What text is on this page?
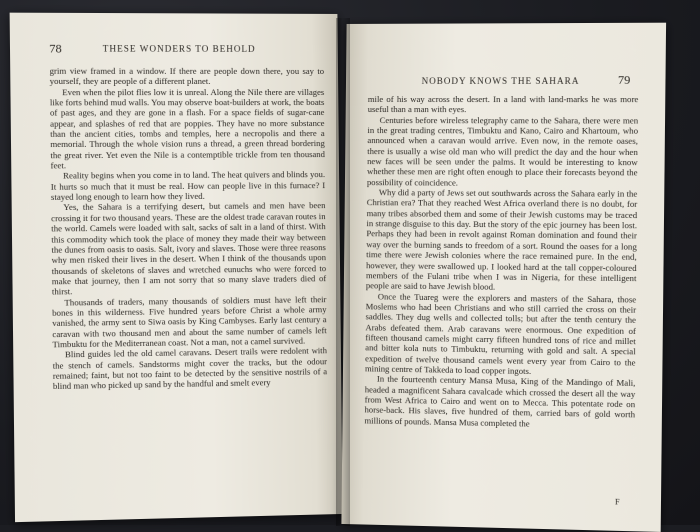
78	THESE WONDERS TO BEHOLD

grim view framed in a window. If there are people down there, you say to yourself, they are people of a different planet.

Even when the pilot flies low it is unreal. Along the Nile there are villages like forts behind mud walls. You may observe boat-builders at work, the boats of past ages, and they are gone in a flash. For a space fields of sugar-cane appear, and splashes of red that are poppies. They have no more substance than the ancient cities, tombs and temples, here a necropolis and there a memorial. Through the whole vision runs a thread, a green thread bordering the great river. Yet even the Nile is a contemptible trickle from ten thousand feet.

Reality begins when you come in to land. The heat quivers and blinds you. It hurts so much that it must be real. How can people live in this furnace? I stayed long enough to learn how they lived.

Yes, the Sahara is a terrifying desert, but camels and men have been crossing it for two thousand years. These are the oldest trade caravan routes in the world. Camels were loaded with salt, sacks of salt in a land of thirst. With this commodity which took the place of money they made their way between the dunes from oasis to oasis. Salt, ivory and slaves. Those were three reasons why men risked their lives in the desert. When I think of the thousands upon thousands of skeletons of slaves and wretched eunuchs who were forced to make that journey, then I am not sorry that so many slave traders died of thirst.

Thousands of traders, many thousands of soldiers must have left their bones in this wilderness. Five hundred years before Christ a whole army vanished, the army sent to Siwa oasis by King Cambyses. Early last century a caravan with two thousand men and about the same number of camels left Timbuktu for the Mediterranean coast. Not a man, not a camel survived.

Blind guides led the old camel caravans. Desert trails were redolent with the stench of camels. Sandstorms might cover the tracks, but the odour remained; faint, but not too faint to be detected by the sensitive nostrils of a blind man who picked up sand by the handful and smelt every

NOBODY KNOWS THE SAHARA	79

mile of his way across the desert. In a land with land-marks he was more useful than a man with eyes.

Centuries before wireless telegraphy came to the Sahara, there were men in the great trading centres, Timbuktu and Kano, Cairo and Khartoum, who announced when a caravan would arrive. Even now, in the remote oases, there is usually a wise old man who will predict the day and the hour when new faces will be seen under the palms. It would be interesting to know whether these men are right often enough to place their forecasts beyond the possibility of coincidence.

Why did a party of Jews set out southwards across the Sahara early in the Christian era? That they reached West Africa overland there is no doubt, for many tribes absorbed them and some of their Jewish customs may be traced in strange disguise to this day. But the story of the epic journey has been lost. Perhaps they had been in revolt against Roman domination and found their way over the burning sands to freedom of a sort. Round the oases for a long time there were Jewish colonies where the race remained pure. In the end, however, they were swallowed up. I looked hard at the tall copper-coloured members of the Fulani tribe when I was in Nigeria, for these intelligent people are said to have Jewish blood.

Once the Tuareg were the explorers and masters of the Sahara, those Moslems who had been Christians and who still carried the cross on their saddles. They dug wells and collected tolls; but after the tenth century the Arabs defeated them. Arab caravans were enormous. One expedition of fifteen thousand camels might carry fifteen hundred tons of rice and millet and bitter kola nuts to Timbuktu, returning with gold and salt. A special expedition of twelve thousand camels went every year from Cairo to the mining centre of Takkeda to load copper ingots.

In the fourteenth century Mansa Musa, King of the Mandingo of Mali, headed a magnificent Sahara cavalcade which crossed the desert all the way from West Africa to Cairo and went on to Mecca. This potentate rode on horse-back. His slaves, five hundred of them, carried bars of gold worth millions of pounds. Mansa Musa completed the

F
